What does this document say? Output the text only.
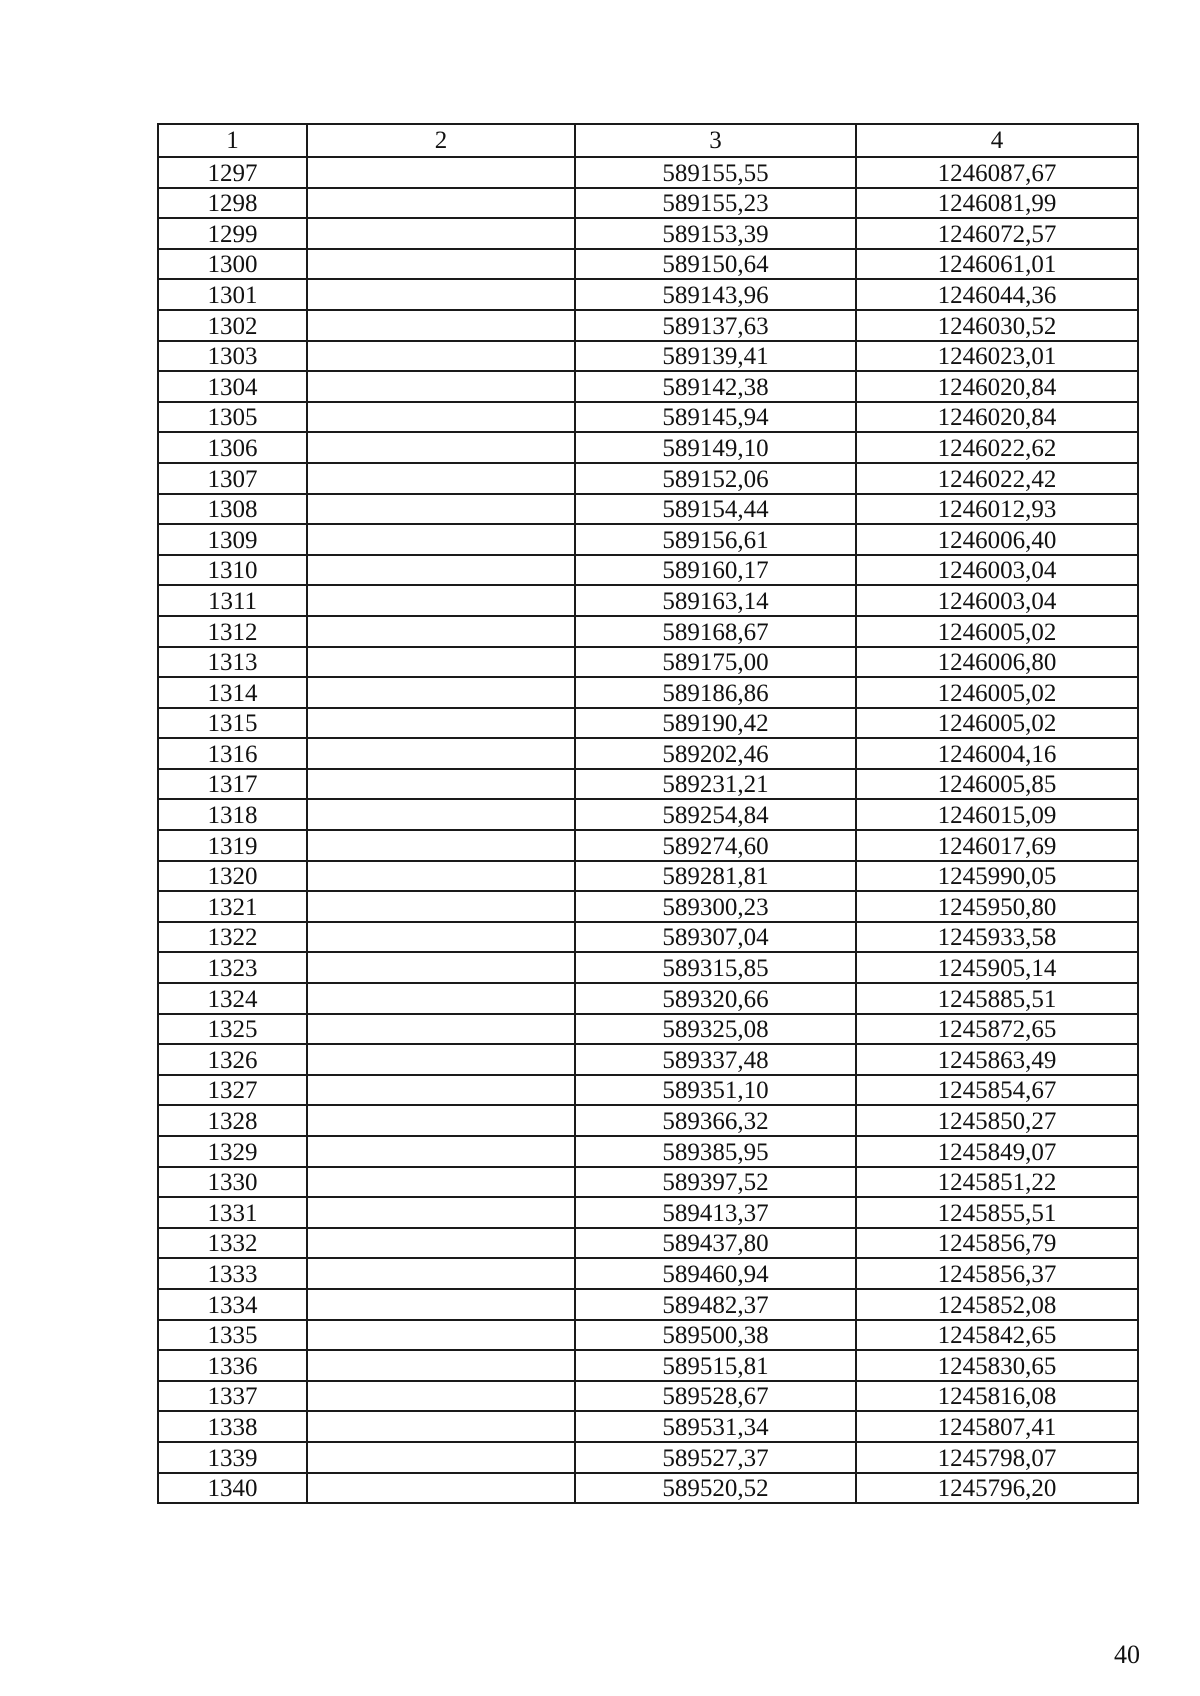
1	2	3	4
1297		589155,55	1246087,67
1298		589155,23	1246081,99
1299		589153,39	1246072,57
1300		589150,64	1246061,01
1301		589143,96	1246044,36
1302		589137,63	1246030,52
1303		589139,41	1246023,01
1304		589142,38	1246020,84
1305		589145,94	1246020,84
1306		589149,10	1246022,62
1307		589152,06	1246022,42
1308		589154,44	1246012,93
1309		589156,61	1246006,40
1310		589160,17	1246003,04
1311		589163,14	1246003,04
1312		589168,67	1246005,02
1313		589175,00	1246006,80
1314		589186,86	1246005,02
1315		589190,42	1246005,02
1316		589202,46	1246004,16
1317		589231,21	1246005,85
1318		589254,84	1246015,09
1319		589274,60	1246017,69
1320		589281,81	1245990,05
1321		589300,23	1245950,80
1322		589307,04	1245933,58
1323		589315,85	1245905,14
1324		589320,66	1245885,51
1325		589325,08	1245872,65
1326		589337,48	1245863,49
1327		589351,10	1245854,67
1328		589366,32	1245850,27
1329		589385,95	1245849,07
1330		589397,52	1245851,22
1331		589413,37	1245855,51
1332		589437,80	1245856,79
1333		589460,94	1245856,37
1334		589482,37	1245852,08
1335		589500,38	1245842,65
1336		589515,81	1245830,65
1337		589528,67	1245816,08
1338		589531,34	1245807,41
1339		589527,37	1245798,07
1340		589520,52	1245796,20
40
